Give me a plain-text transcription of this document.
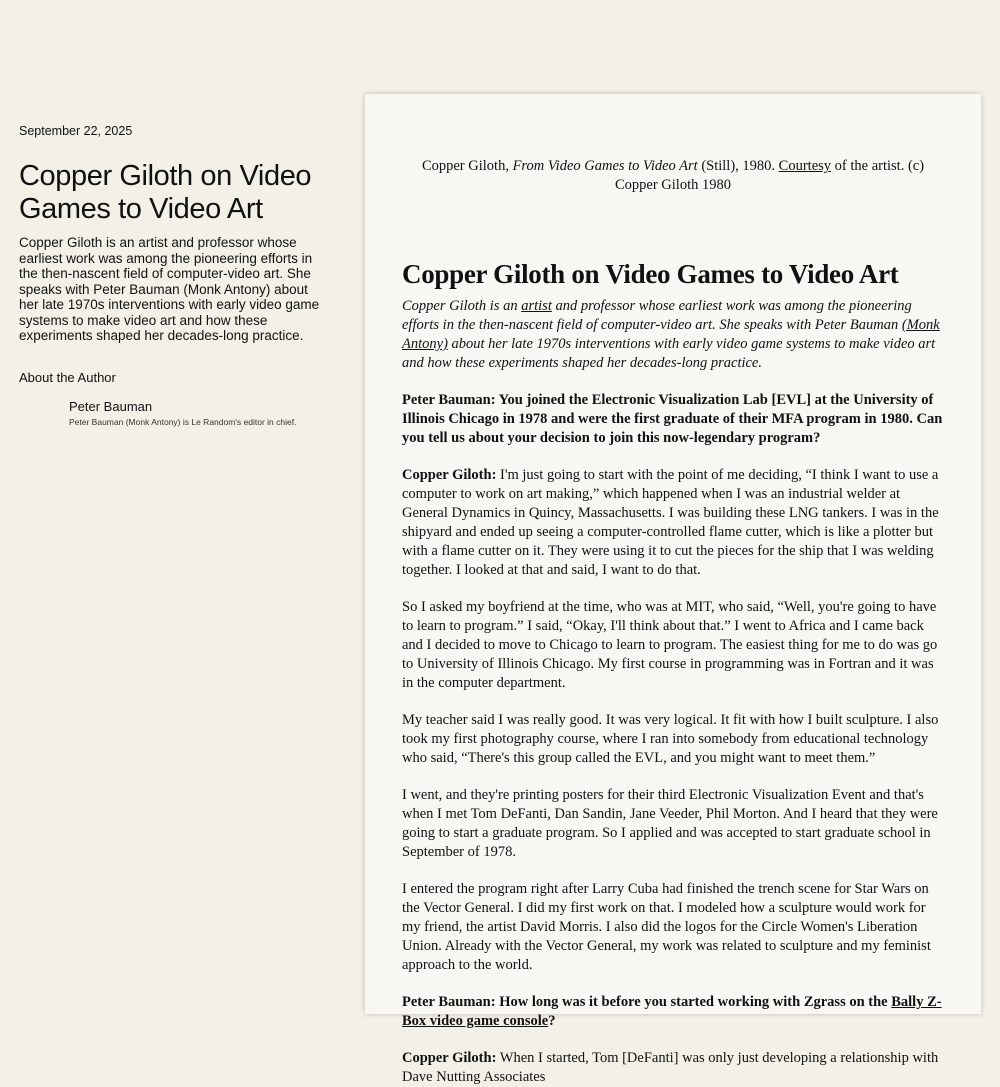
September 22, 2025

Copper Giloth on Video Games to Video Art

Copper Giloth is an artist and professor whose earliest work was among the pioneering efforts in the then-nascent field of computer-video art. She speaks with Peter Bauman (Monk Antony) about her late 1970s interventions with early video game systems to make video art and how these experiments shaped her decades-long practice.

About the Author
Peter Bauman
Peter Bauman (Monk Antony) is Le Random's editor in chief.

Copper Giloth, From Video Games to Video Art (Still), 1980. Courtesy of the artist. (c) Copper Giloth 1980

Copper Giloth on Video Games to Video Art

Copper Giloth is an artist and professor whose earliest work was among the pioneering efforts in the then-nascent field of computer-video art. She speaks with Peter Bauman (Monk Antony) about her late 1970s interventions with early video game systems to make video art and how these experiments shaped her decades-long practice.

Peter Bauman: You joined the Electronic Visualization Lab [EVL] at the University of Illinois Chicago in 1978 and were the first graduate of their MFA program in 1980. Can you tell us about your decision to join this now-legendary program?

Copper Giloth: I'm just going to start with the point of me deciding, “I think I want to use a computer to work on art making,” which happened when I was an industrial welder at General Dynamics in Quincy, Massachusetts. I was building these LNG tankers. I was in the shipyard and ended up seeing a computer-controlled flame cutter, which is like a plotter but with a flame cutter on it. They were using it to cut the pieces for the ship that I was welding together. I looked at that and said, I want to do that.

So I asked my boyfriend at the time, who was at MIT, who said, “Well, you're going to have to learn to program.” I said, “Okay, I'll think about that.” I went to Africa and I came back and I decided to move to Chicago to learn to program. The easiest thing for me to do was go to University of Illinois Chicago. My first course in programming was in Fortran and it was in the computer department.

My teacher said I was really good. It was very logical. It fit with how I built sculpture. I also took my first photography course, where I ran into somebody from educational technology who said, “There's this group called the EVL, and you might want to meet them.”

I went, and they're printing posters for their third Electronic Visualization Event and that's when I met Tom DeFanti, Dan Sandin, Jane Veeder, Phil Morton. And I heard that they were going to start a graduate program. So I applied and was accepted to start graduate school in September of 1978.

I entered the program right after Larry Cuba had finished the trench scene for Star Wars on the Vector General. I did my first work on that. I modeled how a sculpture would work for my friend, the artist David Morris. I also did the logos for the Circle Women's Liberation Union. Already with the Vector General, my work was related to sculpture and my feminist approach to the world.

Peter Bauman: How long was it before you started working with Zgrass on the Bally Z-Box video game console?

Copper Giloth: When I started, Tom [DeFanti] was only just developing a relationship with Dave Nutting Associates
